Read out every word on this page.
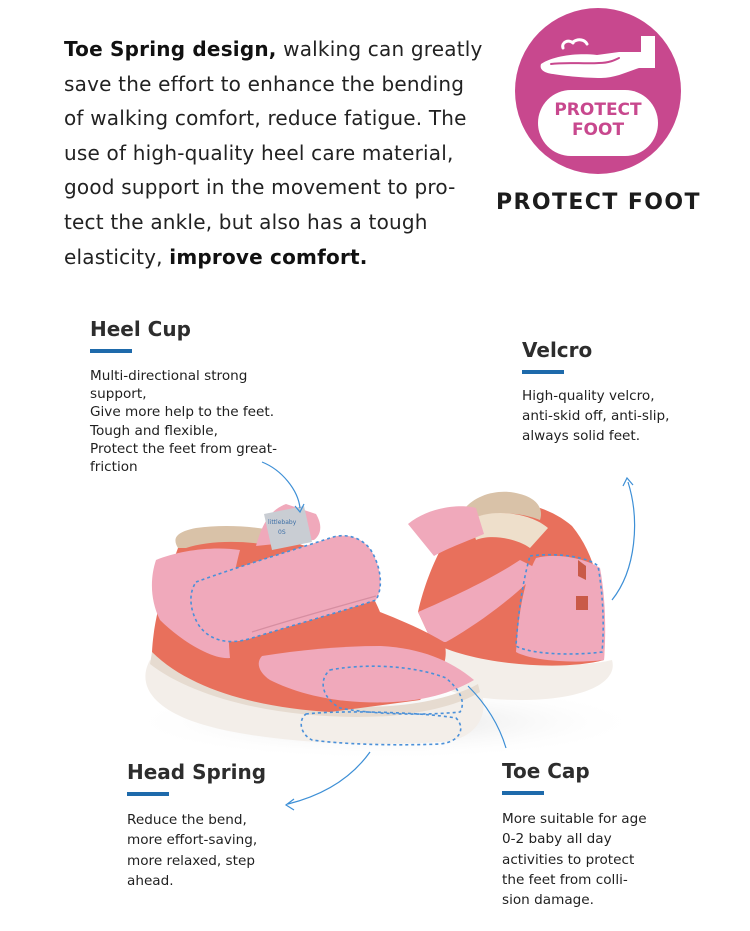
Toe Spring design, walking can greatly
save the effort to enhance the bending
of walking comfort, reduce fatigue. The
use of high-quality heel care material,
good support in the movement to pro-
tect the ankle, but also has a tough
elasticity, improve comfort.

PROTECT
FOOT
PROTECT FOOT
littlebaby
0S
Heel Cup
Multi-directional strong
support,
Give more help to the feet.
Tough and flexible,
Protect the feet from great-
friction
Velcro
High-quality velcro,
anti-skid off, anti-slip,
always solid feet.
Head Spring
Reduce the bend,
more effort-saving,
more relaxed, step
ahead.
Toe Cap
More suitable for age
0-2 baby all day
activities to protect
the feet from colli-
sion damage.
